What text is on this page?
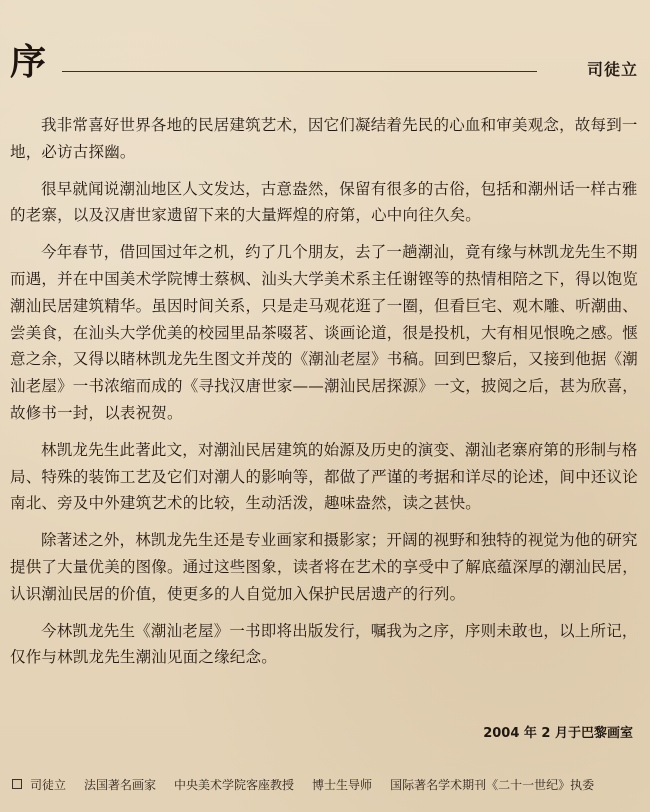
序	司徒立

我非常喜好世界各地的民居建筑艺术，因它们凝结着先民的心血和审美观念，故每到一地，必访古探幽。

很早就闻说潮汕地区人文发达，古意盎然，保留有很多的古俗，包括和潮州话一样古雅的老寨，以及汉唐世家遗留下来的大量辉煌的府第，心中向往久矣。

今年春节，借回国过年之机，约了几个朋友，去了一趟潮汕，竟有缘与林凯龙先生不期而遇，并在中国美术学院博士蔡枫、汕头大学美术系主任谢铿等的热情相陪之下，得以饱览潮汕民居建筑精华。虽因时间关系，只是走马观花逛了一圈，但看巨宅、观木雕、听潮曲、尝美食，在汕头大学优美的校园里品茶啜茗、谈画论道，很是投机，大有相见恨晚之感。惬意之余，又得以睹林凯龙先生图文并茂的《潮汕老屋》书稿。回到巴黎后，又接到他据《潮汕老屋》一书浓缩而成的《寻找汉唐世家——潮汕民居探源》一文，披阅之后，甚为欣喜，故修书一封，以表祝贺。

林凯龙先生此著此文，对潮汕民居建筑的始源及历史的演变、潮汕老寨府第的形制与格局、特殊的装饰工艺及它们对潮人的影响等，都做了严谨的考据和详尽的论述，间中还议论南北、旁及中外建筑艺术的比较，生动活泼，趣味盎然，读之甚快。

除著述之外，林凯龙先生还是专业画家和摄影家；开阔的视野和独特的视觉为他的研究提供了大量优美的图像。通过这些图象，读者将在艺术的享受中了解底蕴深厚的潮汕民居，认识潮汕民居的价值，使更多的人自觉加入保护民居遗产的行列。

今林凯龙先生《潮汕老屋》一书即将出版发行，嘱我为之序，序则未敢也，以上所记，仅作与林凯龙先生潮汕见面之缘纪念。

2004 年 2 月于巴黎画室
司徒立 法国著名画家 中央美术学院客座教授 博士生导师 国际著名学术期刊《二十一世纪》执委
